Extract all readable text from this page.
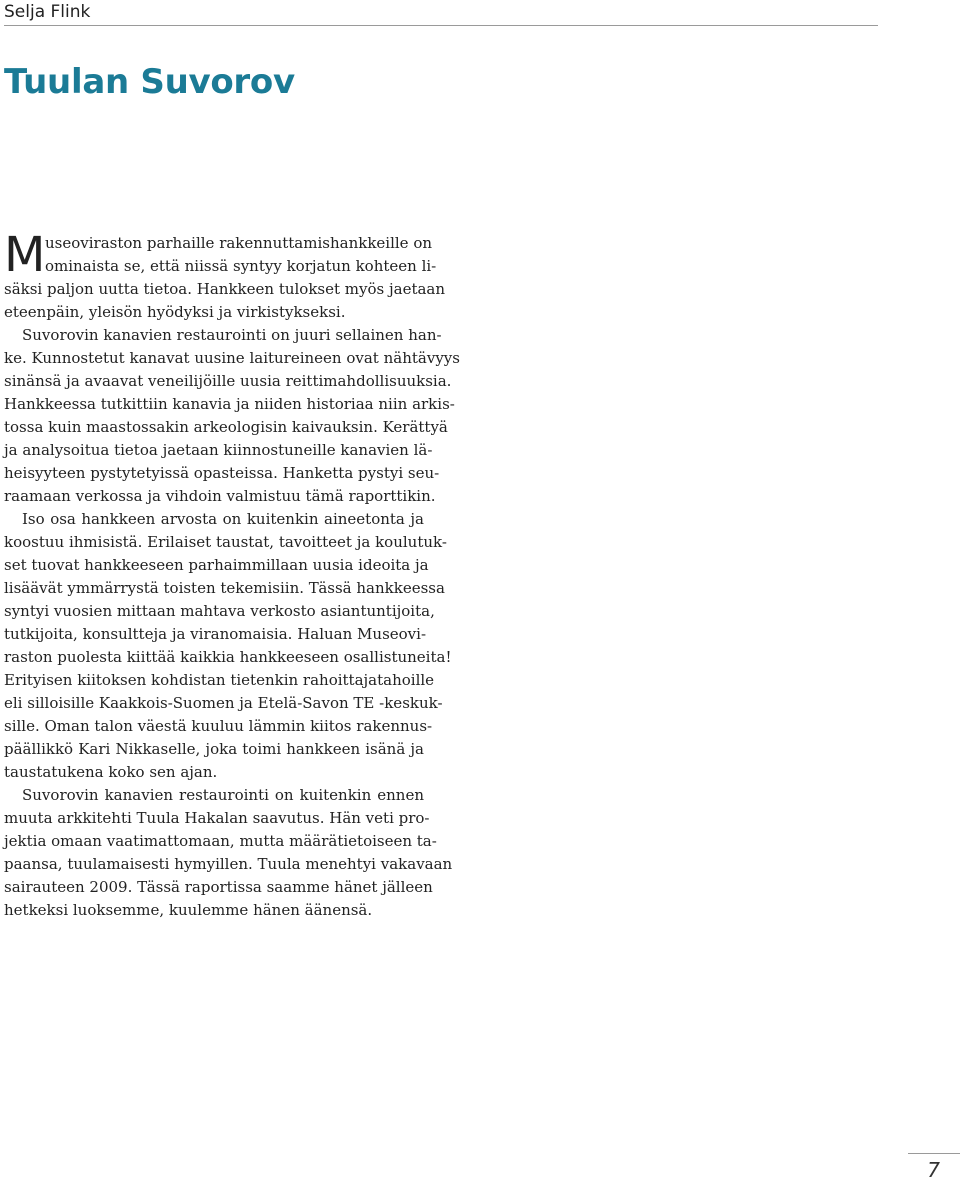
Selja Flink
Tuulan Suvorov
M useoviraston parhaille rakennuttamishankkeille on
ominaista se, että niissä syntyy korjatun kohteen li-
säksi paljon uutta tietoa. Hankkeen tulokset myös jaetaan
eteenpäin, yleisön hyödyksi ja virkistykseksi.
Suvorovin kanavien restaurointi on juuri sellainen han-
ke. Kunnostetut kanavat uusine laitureineen ovat nähtävyys
sinänsä ja avaavat veneilijöille uusia reittimahdollisuuksia.
Hankkeessa tutkittiin kanavia ja niiden historiaa niin arkis-
tossa kuin maastossakin arkeologisin kaivauksin. Kerättyä
ja analysoitua tietoa jaetaan kiinnostuneille kanavien lä-
heisyyteen pystytetyissä opasteissa. Hanketta pystyi seu-
raamaan verkossa ja vihdoin valmistuu tämä raporttikin.
Iso osa hankkeen arvosta on kuitenkin aineetonta ja
koostuu ihmisistä. Erilaiset taustat, tavoitteet ja koulutuk-
set tuovat hankkeeseen parhaimmillaan uusia ideoita ja
lisäävät ymmärrystä toisten tekemisiin. Tässä hankkeessa
syntyi vuosien mittaan mahtava verkosto asiantuntijoita,
tutkijoita, konsultteja ja viranomaisia. Haluan Museovi-
raston puolesta kiittää kaikkia hankkeeseen osallistuneita!
Erityisen kiitoksen kohdistan tietenkin rahoittajatahoille
eli silloisille Kaakkois-Suomen ja Etelä-Savon TE -keskuk-
sille. Oman talon väestä kuuluu lämmin kiitos rakennus-
päällikkö Kari Nikkaselle, joka toimi hankkeen isänä ja
taustatukena koko sen ajan.
Suvorovin kanavien restaurointi on kuitenkin ennen
muuta arkkitehti Tuula Hakalan saavutus. Hän veti pro-
jektia omaan vaatimattomaan, mutta määrätietoiseen ta-
paansa, tuulamaisesti hymyillen. Tuula menehtyi vakavaan
sairauteen 2009. Tässä raportissa saamme hänet jälleen
hetkeksi luoksemme, kuulemme hänen äänensä.
7
